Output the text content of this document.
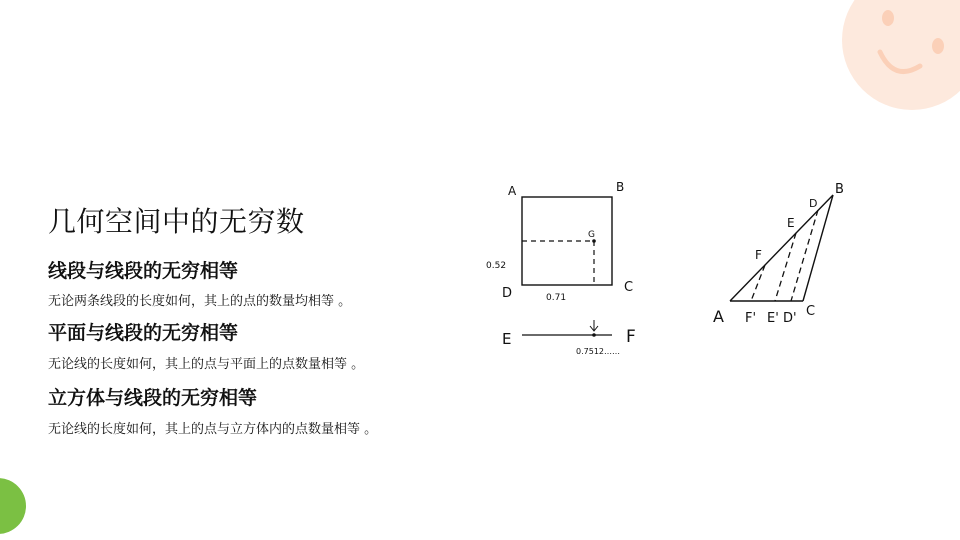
几何空间中的无穷数
线段与线段的无穷相等

无论两条线段的长度如何，其上的点的数量均相等 。

平面与线段的无穷相等

无论线的长度如何，其上的点与平面上的点数量相等 。

立方体与线段的无穷相等

无论线的长度如何，其上的点与立方体内的点数量相等 。

A	B
C
D
G
0.52
0.71
E	F
0.7512……
A
B
C
D
E
F
F' E' D'
